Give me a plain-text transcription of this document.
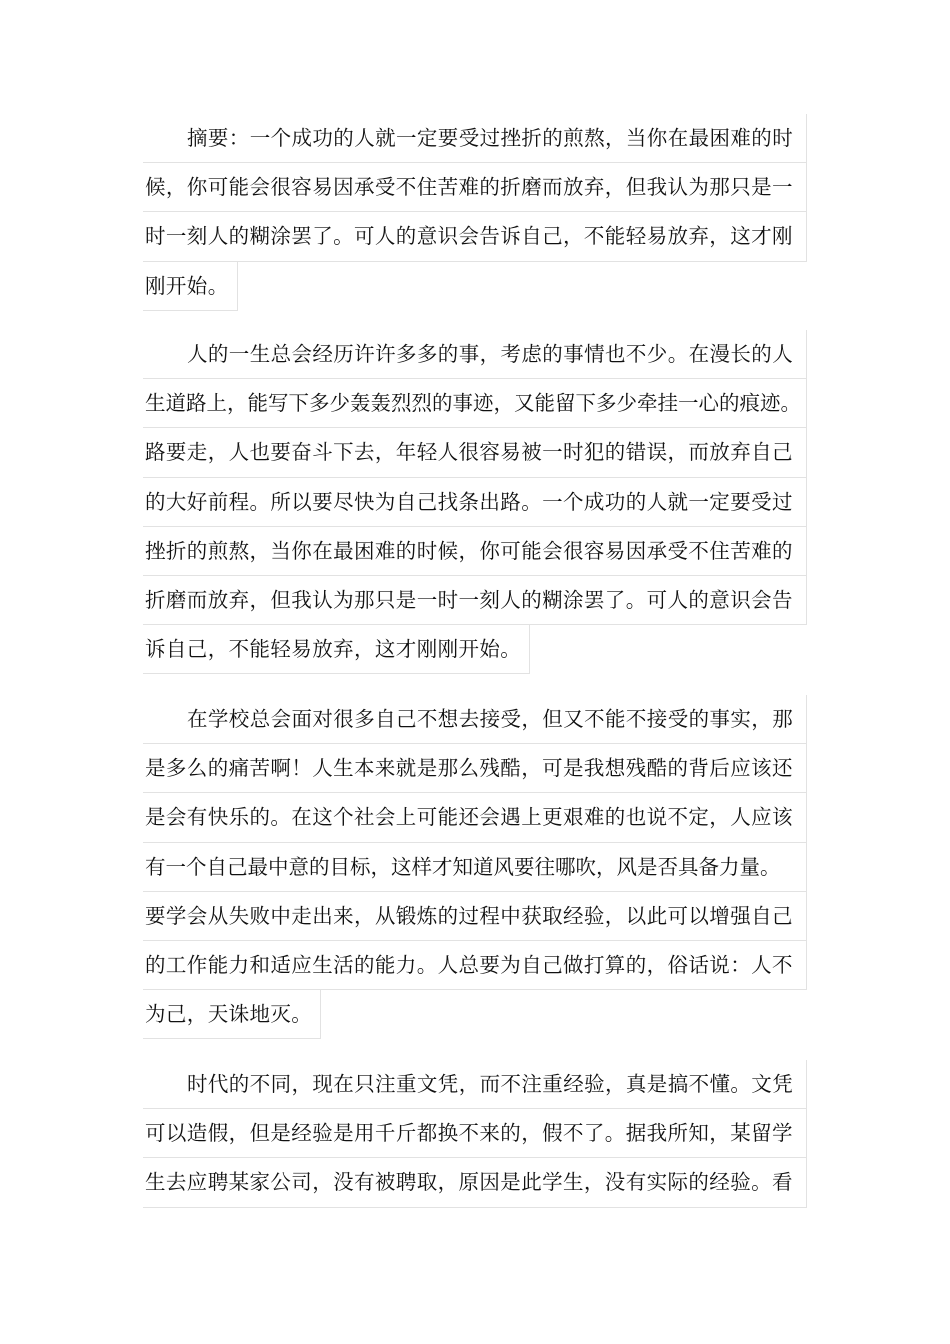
摘要：一个成功的人就一定要受过挫折的煎熬，当你在最困难的时
候，你可能会很容易因承受不住苦难的折磨而放弃，但我认为那只是一
时一刻人的糊涂罢了。可人的意识会告诉自己，不能轻易放弃，这才刚
刚开始。
人的一生总会经历许许多多的事，考虑的事情也不少。在漫长的人
生道路上，能写下多少轰轰烈烈的事迹，又能留下多少牵挂一心的痕迹。
路要走，人也要奋斗下去，年轻人很容易被一时犯的错误，而放弃自己
的大好前程。所以要尽快为自己找条出路。一个成功的人就一定要受过
挫折的煎熬，当你在最困难的时候，你可能会很容易因承受不住苦难的
折磨而放弃，但我认为那只是一时一刻人的糊涂罢了。可人的意识会告
诉自己，不能轻易放弃，这才刚刚开始。
在学校总会面对很多自己不想去接受，但又不能不接受的事实，那
是多么的痛苦啊！人生本来就是那么残酷，可是我想残酷的背后应该还
是会有快乐的。在这个社会上可能还会遇上更艰难的也说不定，人应该
有一个自己最中意的目标，这样才知道风要往哪吹，风是否具备力量。
要学会从失败中走出来，从锻炼的过程中获取经验，以此可以增强自己
的工作能力和适应生活的能力。人总要为自己做打算的，俗话说：人不
为己，天诛地灭。
时代的不同，现在只注重文凭，而不注重经验，真是搞不懂。文凭
可以造假，但是经验是用千斤都换不来的，假不了。据我所知，某留学
生去应聘某家公司，没有被聘取，原因是此学生，没有实际的经验。看
